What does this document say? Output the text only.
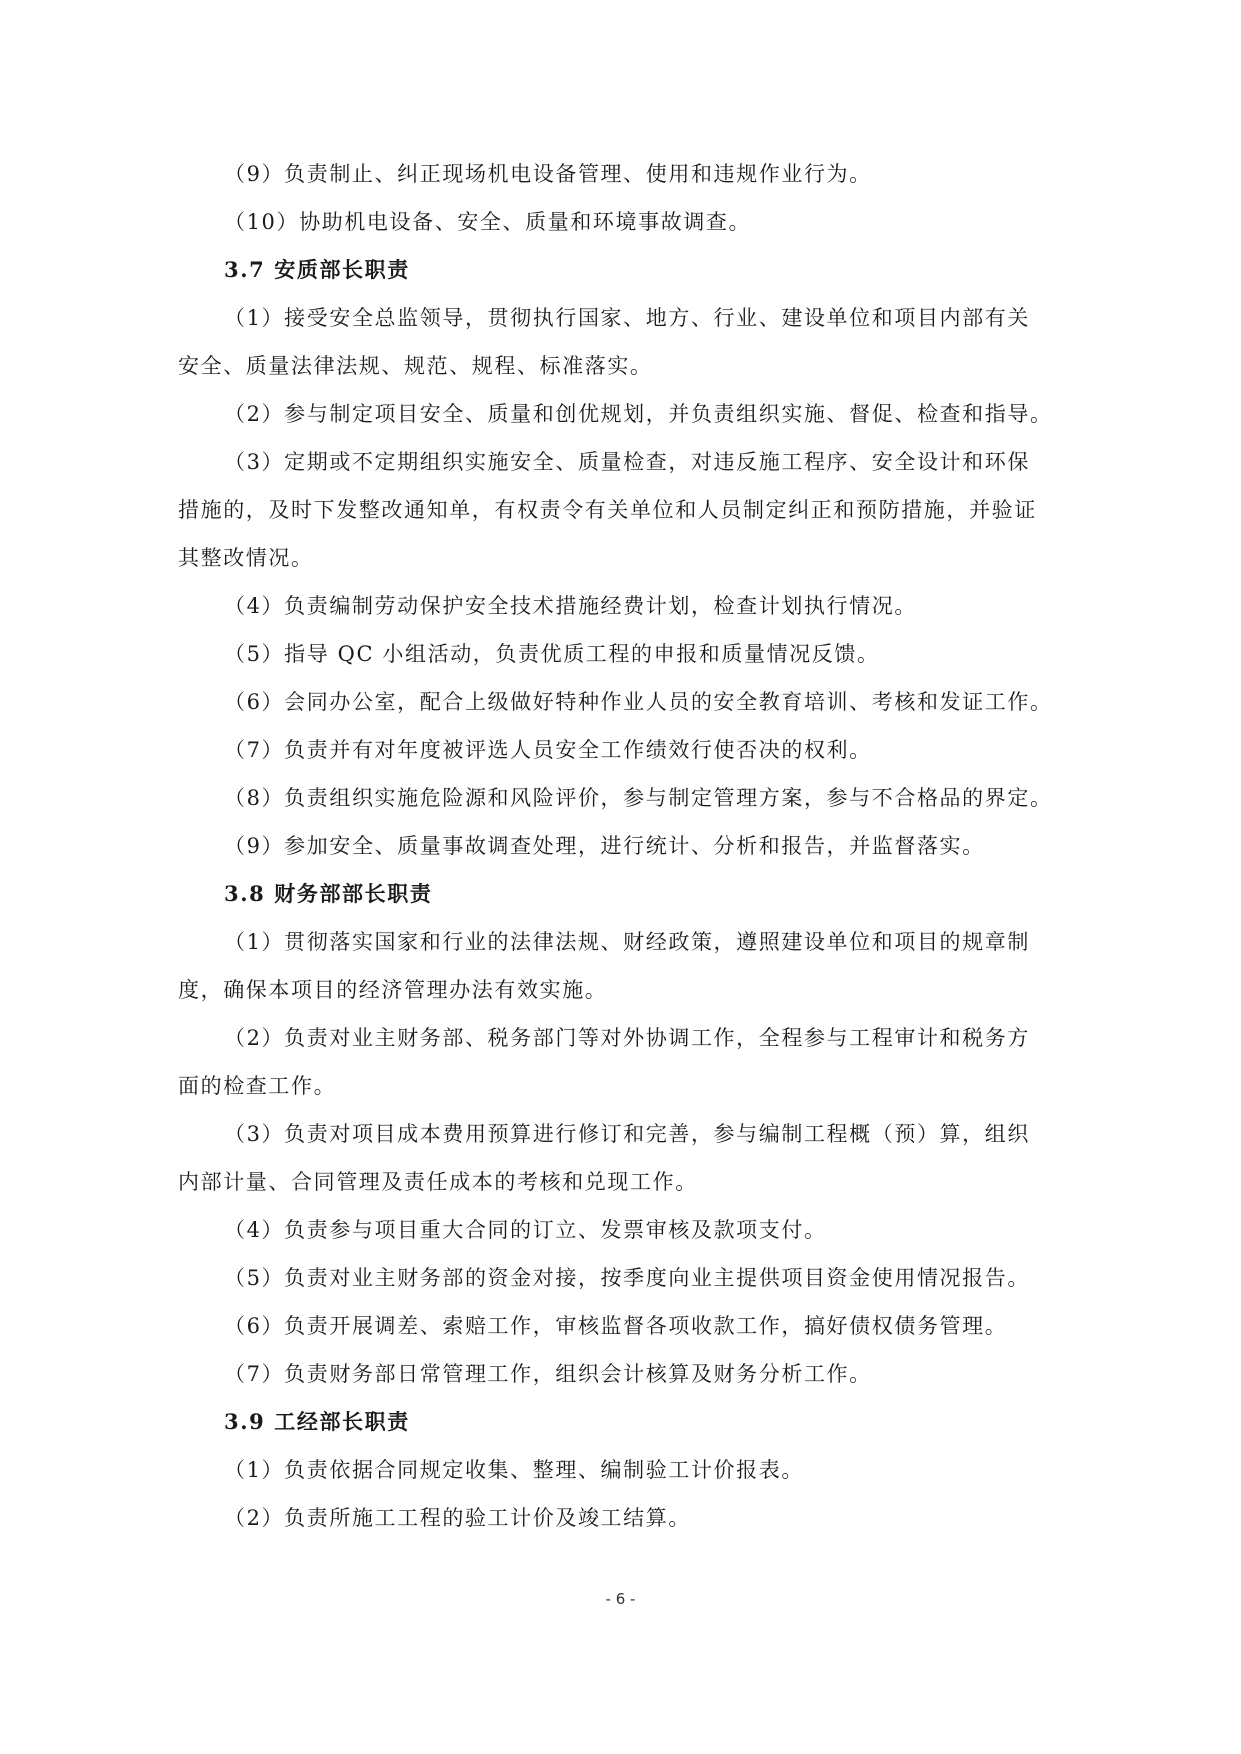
（9）负责制止、纠正现场机电设备管理、使用和违规作业行为。
（10）协助机电设备、安全、质量和环境事故调查。
3.7 安质部长职责
（1）接受安全总监领导，贯彻执行国家、地方、行业、建设单位和项目内部有关
安全、质量法律法规、规范、规程、标准落实。
（2）参与制定项目安全、质量和创优规划，并负责组织实施、督促、检查和指导。
（3）定期或不定期组织实施安全、质量检查，对违反施工程序、安全设计和环保
措施的，及时下发整改通知单，有权责令有关单位和人员制定纠正和预防措施，并验证
其整改情况。
（4）负责编制劳动保护安全技术措施经费计划，检查计划执行情况。
（5）指导 QC 小组活动，负责优质工程的申报和质量情况反馈。
（6）会同办公室，配合上级做好特种作业人员的安全教育培训、考核和发证工作。
（7）负责并有对年度被评选人员安全工作绩效行使否决的权利。
（8）负责组织实施危险源和风险评价，参与制定管理方案，参与不合格品的界定。
（9）参加安全、质量事故调查处理，进行统计、分析和报告，并监督落实。
3.8 财务部部长职责
（1）贯彻落实国家和行业的法律法规、财经政策，遵照建设单位和项目的规章制
度，确保本项目的经济管理办法有效实施。
（2）负责对业主财务部、税务部门等对外协调工作，全程参与工程审计和税务方
面的检查工作。
（3）负责对项目成本费用预算进行修订和完善，参与编制工程概（预）算，组织
内部计量、合同管理及责任成本的考核和兑现工作。
（4）负责参与项目重大合同的订立、发票审核及款项支付。
（5）负责对业主财务部的资金对接，按季度向业主提供项目资金使用情况报告。
（6）负责开展调差、索赔工作，审核监督各项收款工作，搞好债权债务管理。
（7）负责财务部日常管理工作，组织会计核算及财务分析工作。
3.9 工经部长职责
（1）负责依据合同规定收集、整理、编制验工计价报表。
（2）负责所施工工程的验工计价及竣工结算。
- 6 -
